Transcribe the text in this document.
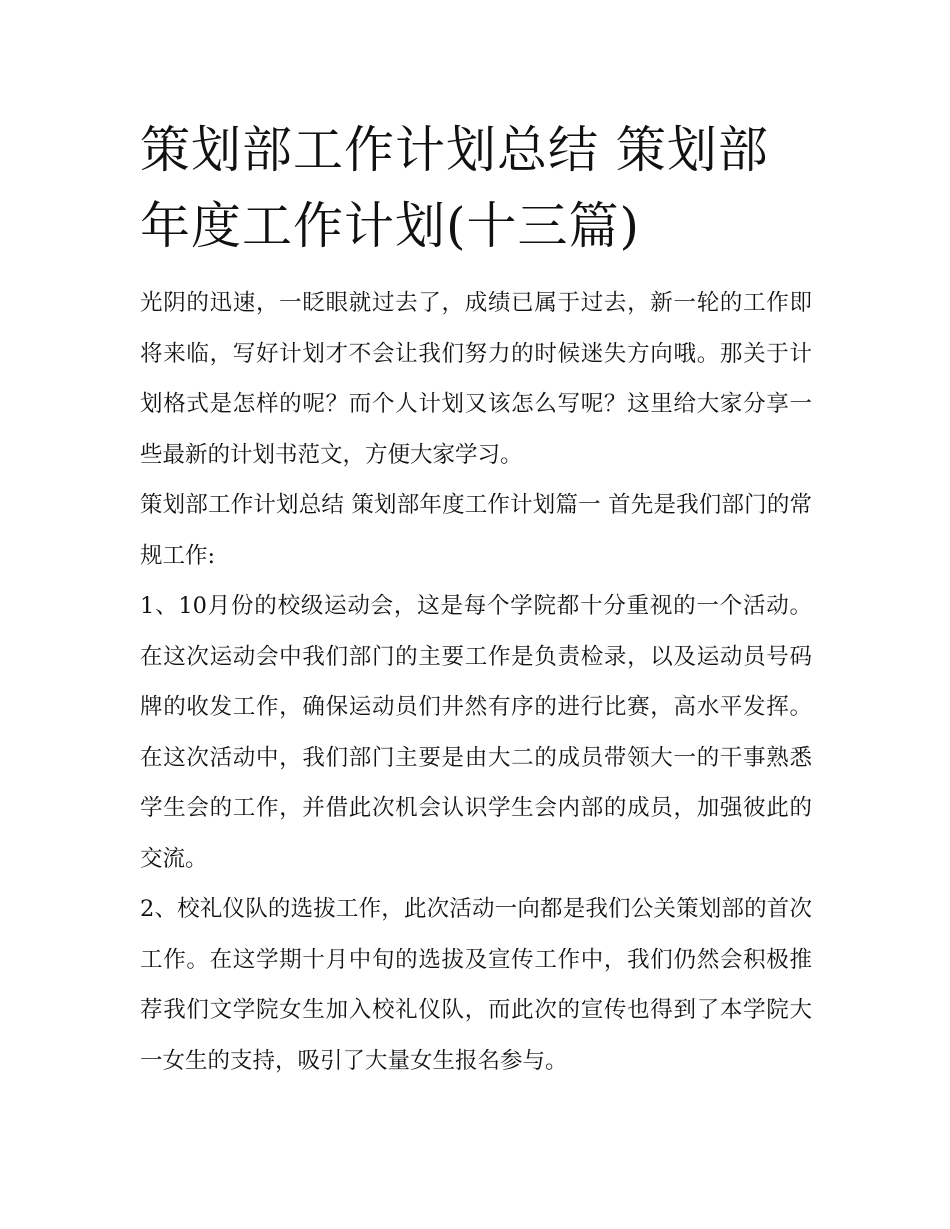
策划部工作计划总结 策划部年度工作计划(十三篇)

光阴的迅速，一眨眼就过去了，成绩已属于过去，新一轮的工作即将来临，写好计划才不会让我们努力的时候迷失方向哦。那关于计划格式是怎样的呢？而个人计划又该怎么写呢？这里给大家分享一些最新的计划书范文，方便大家学习。

策划部工作计划总结 策划部年度工作计划篇一 首先是我们部门的常规工作:

1、10月份的校级运动会，这是每个学院都十分重视的一个活动。在这次运动会中我们部门的主要工作是负责检录，以及运动员号码牌的收发工作，确保运动员们井然有序的进行比赛，高水平发挥。在这次活动中，我们部门主要是由大二的成员带领大一的干事熟悉学生会的工作，并借此次机会认识学生会内部的成员，加强彼此的交流。

2、校礼仪队的选拔工作，此次活动一向都是我们公关策划部的首次工作。在这学期十月中旬的选拔及宣传工作中，我们仍然会积极推荐我们文学院女生加入校礼仪队，而此次的宣传也得到了本学院大一女生的支持，吸引了大量女生报名参与。
